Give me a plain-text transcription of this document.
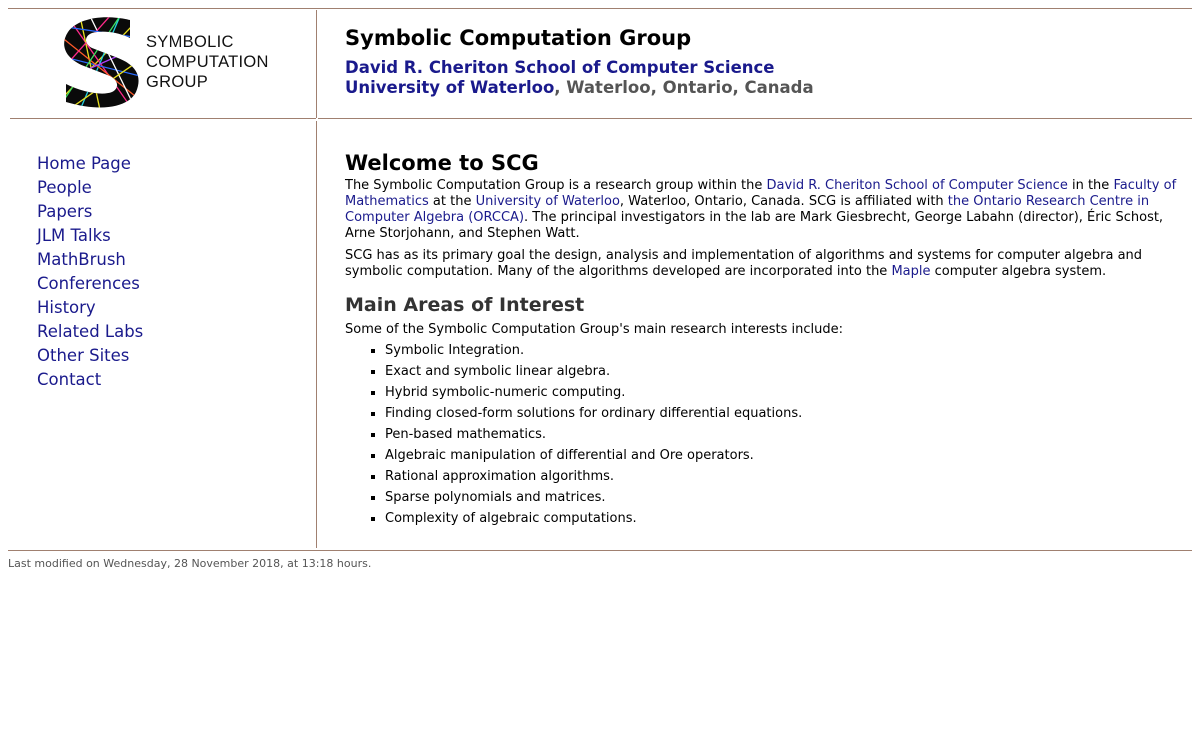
SYMBOLIC
COMPUTATION
GROUP
Symbolic Computation Group
David R. Cheriton School of Computer Science
University of Waterloo, Waterloo, Ontario, Canada
Home Page
People
Papers
JLM Talks
MathBrush
Conferences
History
Related Labs
Other Sites
Contact
Welcome to SCG

The Symbolic Computation Group is a research group within the David R. Cheriton School of Computer Science in the Faculty of Mathematics at the University of Waterloo, Waterloo, Ontario, Canada. SCG is affiliated with the Ontario Research Centre in Computer Algebra (ORCCA). The principal investigators in the lab are Mark Giesbrecht, George Labahn (director), Éric Schost, Arne Storjohann, and Stephen Watt.

SCG has as its primary goal the design, analysis and implementation of algorithms and systems for computer algebra and symbolic computation. Many of the algorithms developed are incorporated into the Maple computer algebra system.

Main Areas of Interest

Some of the Symbolic Computation Group's main research interests include:

▪ Symbolic Integration.
▪ Exact and symbolic linear algebra.
▪ Hybrid symbolic-numeric computing.
▪ Finding closed-form solutions for ordinary differential equations.
▪ Pen-based mathematics.
▪ Algebraic manipulation of differential and Ore operators.
▪ Rational approximation algorithms.
▪ Sparse polynomials and matrices.
▪ Complexity of algebraic computations.
Last modified on Wednesday, 28 November 2018, at 13:18 hours.
